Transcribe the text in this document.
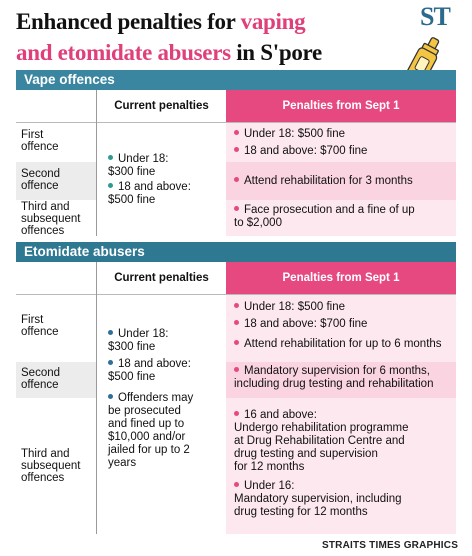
Enhanced penalties for vaping
and etomidate abusers in S'pore
ST
Vape offences
Current penalties	Penalties from Sept 1
First
offence
Second
offence
Third and
subsequent
offences
Under 18:
$300 fine
18 and above:
$500 fine
Under 18: $500 fine
18 and above: $700 fine
Attend rehabilitation for 3 months
Face prosecution and a fine of up
to $2,000
Etomidate abusers
Current penalties	Penalties from Sept 1
First
offence
Second
offence
Third and
subsequent
offences
Under 18:
$300 fine
18 and above:
$500 fine
Offenders may
be prosecuted
and fined up to
$10,000 and/or
jailed for up to 2
years
Under 18: $500 fine
18 and above: $700 fine
Attend rehabilitation for up to 6 months
Mandatory supervision for 6 months,
including drug testing and rehabilitation
16 and above:
Undergo rehabilitation programme
at Drug Rehabilitation Centre and
drug testing and supervision
for 12 months
Under 16:
Mandatory supervision, including
drug testing for 12 months
STRAITS TIMES GRAPHICS
